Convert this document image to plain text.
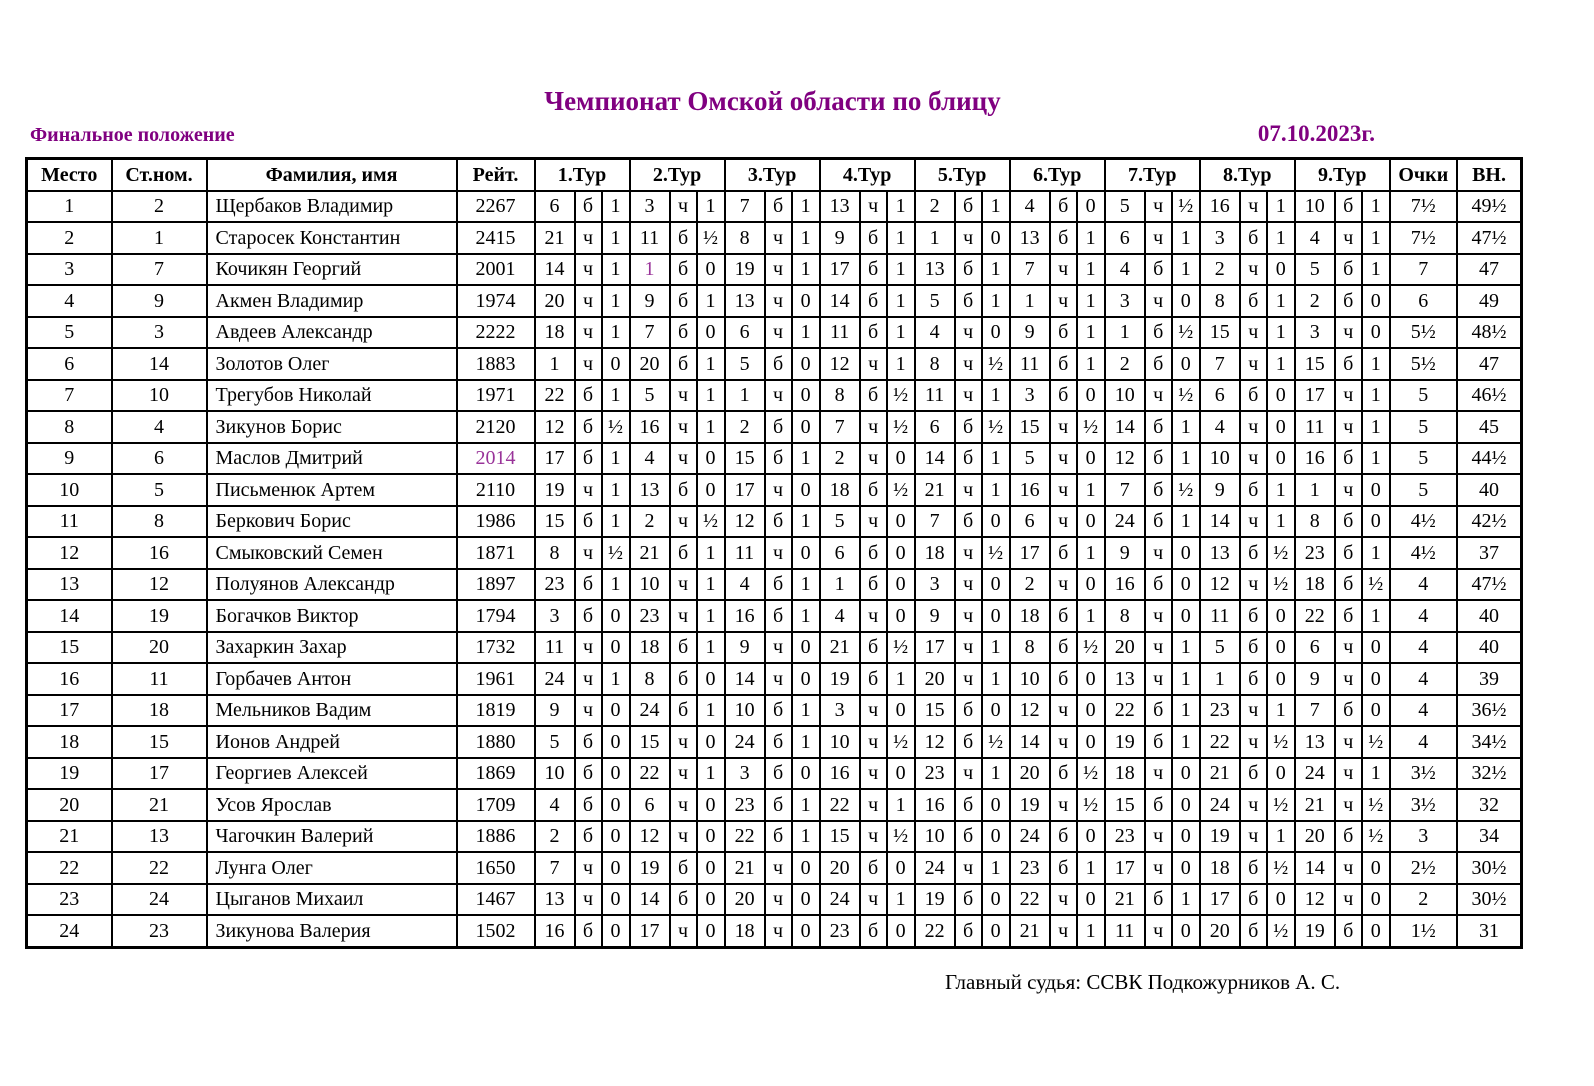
Чемпионат Омской области по блицу
Финальное положение	07.10.2023г.
Место	Ст.ном.	Фамилия, имя	Рейт.	1.Тур			2.Тур			3.Тур			4.Тур			5.Тур			6.Тур			7.Тур			8.Тур			9.Тур			Очки	ВН.
1	2	Щербаков Владимир	2267	6	б	1	3	ч	1	7	б	1	13	ч	1	2	б	1	4	б	0	5	ч	½	16	ч	1	10	б	1	7½	49½
2	1	Старосек Константин	2415	21	ч	1	11	б	½	8	ч	1	9	б	1	1	ч	0	13	б	1	6	ч	1	3	б	1	4	ч	1	7½	47½
3	7	Кочикян Георгий	2001	14	ч	1	1	б	0	19	ч	1	17	б	1	13	б	1	7	ч	1	4	б	1	2	ч	0	5	б	1	7	47
4	9	Акмен Владимир	1974	20	ч	1	9	б	1	13	ч	0	14	б	1	5	б	1	1	ч	1	3	ч	0	8	б	1	2	б	0	6	49
5	3	Авдеев Александр	2222	18	ч	1	7	б	0	6	ч	1	11	б	1	4	ч	0	9	б	1	1	б	½	15	ч	1	3	ч	0	5½	48½
6	14	Золотов Олег	1883	1	ч	0	20	б	1	5	б	0	12	ч	1	8	ч	½	11	б	1	2	б	0	7	ч	1	15	б	1	5½	47
7	10	Трегубов Николай	1971	22	б	1	5	ч	1	1	ч	0	8	б	½	11	ч	1	3	б	0	10	ч	½	6	б	0	17	ч	1	5	46½
8	4	Зикунов Борис	2120	12	б	½	16	ч	1	2	б	0	7	ч	½	6	б	½	15	ч	½	14	б	1	4	ч	0	11	ч	1	5	45
9	6	Маслов Дмитрий	2014	17	б	1	4	ч	0	15	б	1	2	ч	0	14	б	1	5	ч	0	12	б	1	10	ч	0	16	б	1	5	44½
10	5	Письменюк Артем	2110	19	ч	1	13	б	0	17	ч	0	18	б	½	21	ч	1	16	ч	1	7	б	½	9	б	1	1	ч	0	5	40
11	8	Беркович Борис	1986	15	б	1	2	ч	½	12	б	1	5	ч	0	7	б	0	6	ч	0	24	б	1	14	ч	1	8	б	0	4½	42½
12	16	Смыковский Семен	1871	8	ч	½	21	б	1	11	ч	0	6	б	0	18	ч	½	17	б	1	9	ч	0	13	б	½	23	б	1	4½	37
13	12	Полуянов Александр	1897	23	б	1	10	ч	1	4	б	1	1	б	0	3	ч	0	2	ч	0	16	б	0	12	ч	½	18	б	½	4	47½
14	19	Богачков Виктор	1794	3	б	0	23	ч	1	16	б	1	4	ч	0	9	ч	0	18	б	1	8	ч	0	11	б	0	22	б	1	4	40
15	20	Захаркин Захар	1732	11	ч	0	18	б	1	9	ч	0	21	б	½	17	ч	1	8	б	½	20	ч	1	5	б	0	6	ч	0	4	40
16	11	Горбачев Антон	1961	24	ч	1	8	б	0	14	ч	0	19	б	1	20	ч	1	10	б	0	13	ч	1	1	б	0	9	ч	0	4	39
17	18	Мельников Вадим	1819	9	ч	0	24	б	1	10	б	1	3	ч	0	15	б	0	12	ч	0	22	б	1	23	ч	1	7	б	0	4	36½
18	15	Ионов Андрей	1880	5	б	0	15	ч	0	24	б	1	10	ч	½	12	б	½	14	ч	0	19	б	1	22	ч	½	13	ч	½	4	34½
19	17	Георгиев Алексей	1869	10	б	0	22	ч	1	3	б	0	16	ч	0	23	ч	1	20	б	½	18	ч	0	21	б	0	24	ч	1	3½	32½
20	21	Усов Ярослав	1709	4	б	0	6	ч	0	23	б	1	22	ч	1	16	б	0	19	ч	½	15	б	0	24	ч	½	21	ч	½	3½	32
21	13	Чагочкин Валерий	1886	2	б	0	12	ч	0	22	б	1	15	ч	½	10	б	0	24	б	0	23	ч	0	19	ч	1	20	б	½	3	34
22	22	Лунга Олег	1650	7	ч	0	19	б	0	21	ч	0	20	б	0	24	ч	1	23	б	1	17	ч	0	18	б	½	14	ч	0	2½	30½
23	24	Цыганов Михаил	1467	13	ч	0	14	б	0	20	ч	0	24	ч	1	19	б	0	22	ч	0	21	б	1	17	б	0	12	ч	0	2	30½
24	23	Зикунова Валерия	1502	16	б	0	17	ч	0	18	ч	0	23	б	0	22	б	0	21	ч	1	11	ч	0	20	б	½	19	б	0	1½	31
Главный судья: ССВК Подкожурников А. С.
